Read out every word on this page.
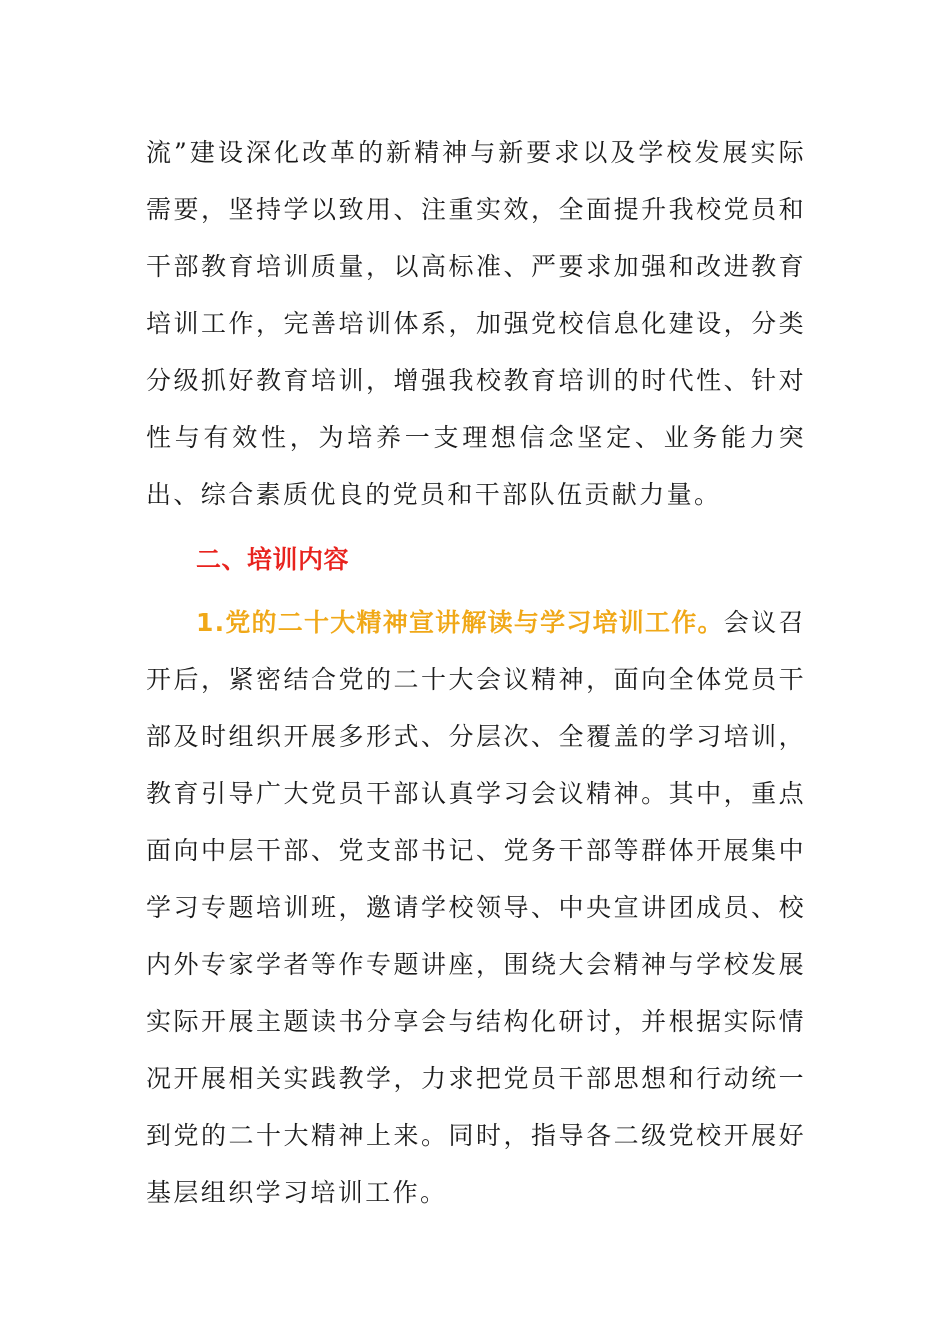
流”建设深化改革的新精神与新要求以及学校发展实际需要，坚持学以致用、注重实效，全面提升我校党员和干部教育培训质量，以高标准、严要求加强和改进教育培训工作，完善培训体系，加强党校信息化建设，分类分级抓好教育培训，增强我校教育培训的时代性、针对性与有效性，为培养一支理想信念坚定、业务能力突出、综合素质优良的党员和干部队伍贡献力量。

二、培训内容

1.党的二十大精神宣讲解读与学习培训工作。会议召开后，紧密结合党的二十大会议精神，面向全体党员干部及时组织开展多形式、分层次、全覆盖的学习培训，教育引导广大党员干部认真学习会议精神。其中，重点面向中层干部、党支部书记、党务干部等群体开展集中学习专题培训班，邀请学校领导、中央宣讲团成员、校内外专家学者等作专题讲座，围绕大会精神与学校发展实际开展主题读书分享会与结构化研讨，并根据实际情况开展相关实践教学，力求把党员干部思想和行动统一到党的二十大精神上来。同时，指导各二级党校开展好基层组织学习培训工作。
